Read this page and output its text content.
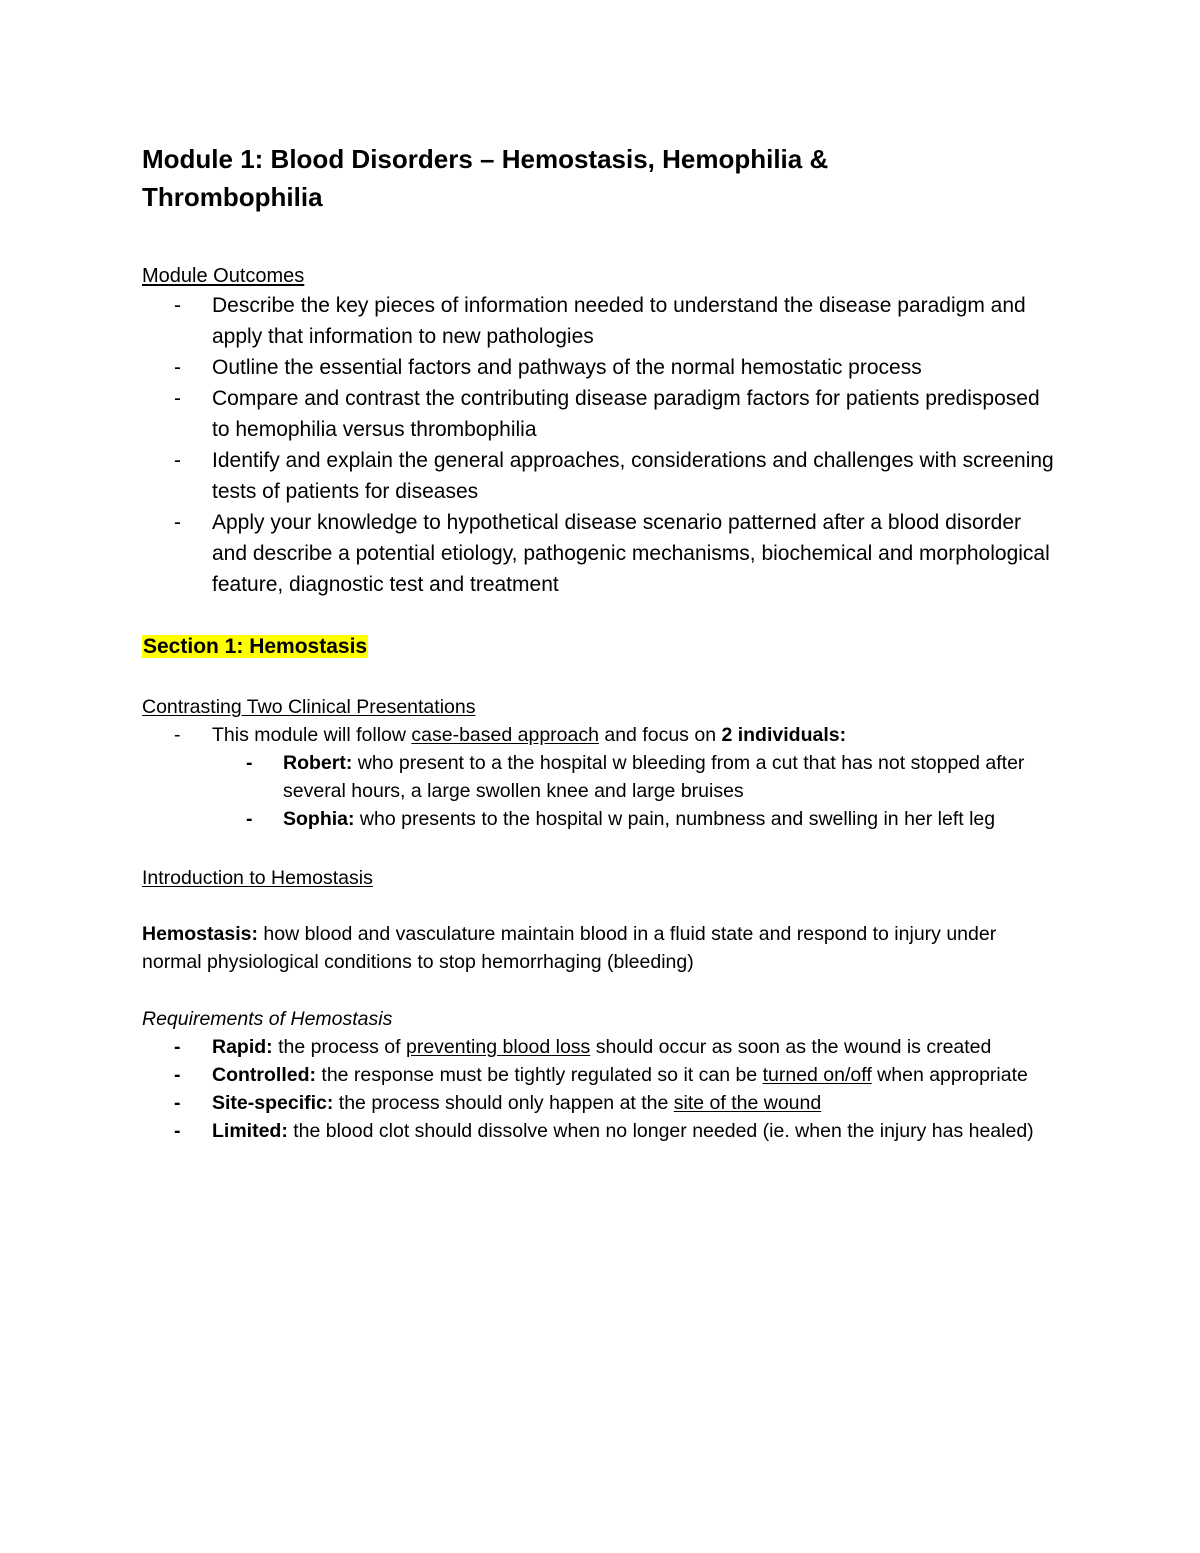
Module 1: Blood Disorders – Hemostasis, Hemophilia & Thrombophilia
Module Outcomes
- Describe the key pieces of information needed to understand the disease paradigm and apply that information to new pathologies
- Outline the essential factors and pathways of the normal hemostatic process
- Compare and contrast the contributing disease paradigm factors for patients predisposed to hemophilia versus thrombophilia
- Identify and explain the general approaches, considerations and challenges with screening tests of patients for diseases
- Apply your knowledge to hypothetical disease scenario patterned after a blood disorder and describe a potential etiology, pathogenic mechanisms, biochemical and morphological feature, diagnostic test and treatment
Section 1: Hemostasis
Contrasting Two Clinical Presentations
- This module will follow case-based approach and focus on 2 individuals:
- Robert: who present to a the hospital w bleeding from a cut that has not stopped after several hours, a large swollen knee and large bruises
- Sophia: who presents to the hospital w pain, numbness and swelling in her left leg
Introduction to Hemostasis
Hemostasis: how blood and vasculature maintain blood in a fluid state and respond to injury under normal physiological conditions to stop hemorrhaging (bleeding)
Requirements of Hemostasis
- Rapid: the process of preventing blood loss should occur as soon as the wound is created
- Controlled: the response must be tightly regulated so it can be turned on/off when appropriate
- Site-specific: the process should only happen at the site of the wound
- Limited: the blood clot should dissolve when no longer needed (ie. when the injury has healed)
